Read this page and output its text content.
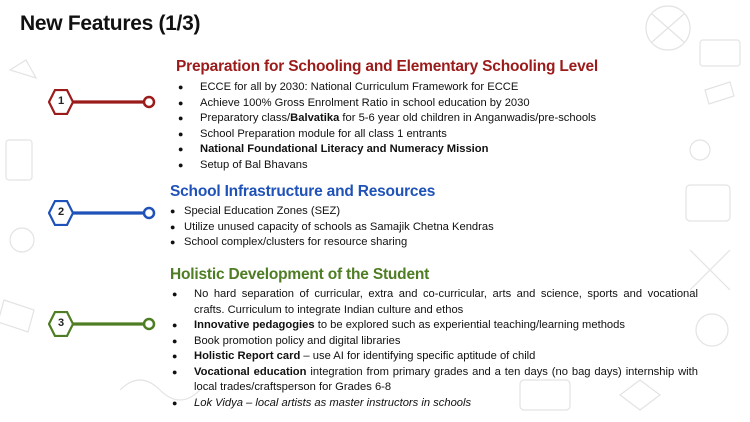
New Features (1/3)
1
2
3
Preparation for Schooling and Elementary Schooling Level
● ECCE for all by 2030: National Curriculum Framework for ECCE
● Achieve 100% Gross Enrolment Ratio in school education by 2030
● Preparatory class/Balvatika for 5-6 year old children in Anganwadis/pre-schools
● School Preparation module for all class 1 entrants
● National Foundational Literacy and Numeracy Mission
● Setup of Bal Bhavans
School Infrastructure and Resources
● Special Education Zones (SEZ)
● Utilize unused capacity of schools as Samajik Chetna Kendras
● School complex/clusters for resource sharing
Holistic Development of the Student
● No hard separation of curricular, extra and co-curricular, arts and science, sports and vocational crafts. Curriculum to integrate Indian culture and ethos
● Innovative pedagogies to be explored such as experiential teaching/learning methods
● Book promotion policy and digital libraries
● Holistic Report card – use AI for identifying specific aptitude of child
● Vocational education integration from primary grades and a ten days (no bag days) internship with local trades/craftsperson for Grades 6-8
● Lok Vidya – local artists as master instructors in schools
